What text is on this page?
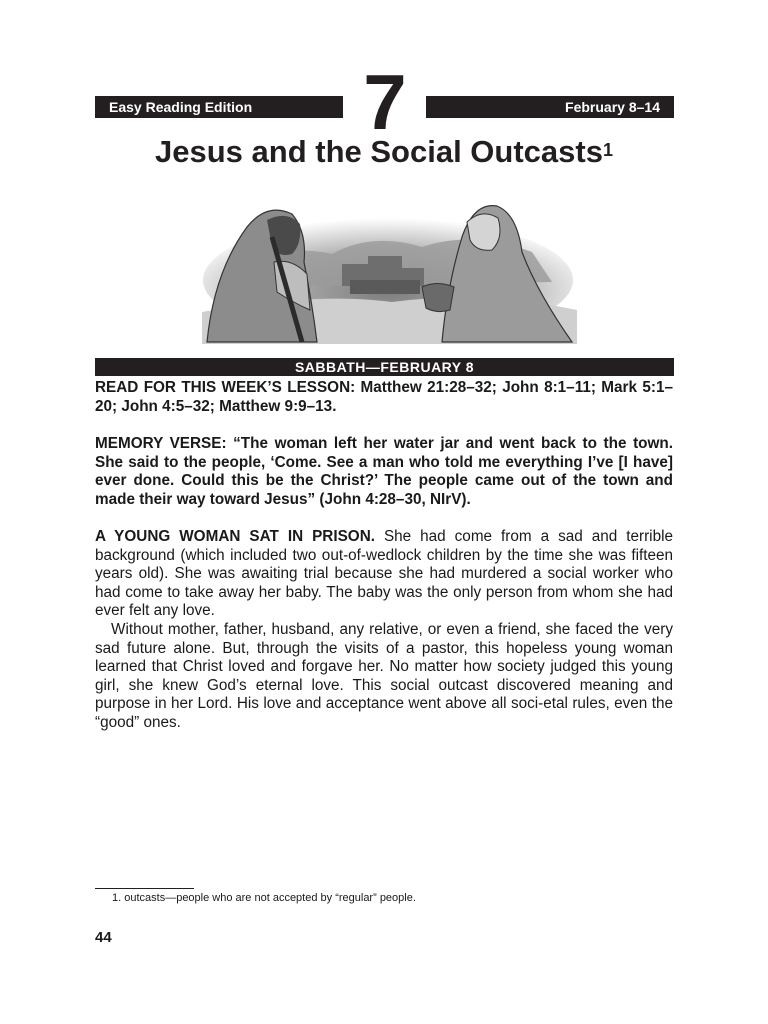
Easy Reading Edition	7	February 8–14
Jesus and the Social Outcasts$^1$
SABBATH—FEBRUARY 8

READ FOR THIS WEEK’S LESSON: Matthew 21:28–32; John 8:1–11; Mark 5:1–20; John 4:5–32; Matthew 9:9–13.

MEMORY VERSE: “The woman left her water jar and went back to the town. She said to the people, ‘Come. See a man who told me everything I’ve [I have] ever done. Could this be the Christ?’ The people came out of the town and made their way toward Jesus” (John 4:28–30, NIrV).

A YOUNG WOMAN SAT IN PRISON. She had come from a sad and terrible background (which included two out-of-wedlock children by the time she was fifteen years old). She was awaiting trial because she had murdered a social worker who had come to take away her baby. The baby was the only person from whom she had ever felt any love.

Without mother, father, husband, any relative, or even a friend, she faced the very sad future alone. But, through the visits of a pastor, this hopeless young woman learned that Christ loved and forgave her. No matter how society judged this young girl, she knew God’s eternal love. This social outcast discovered meaning and purpose in her Lord. His love and acceptance went above all soci-etal rules, even the “good” ones.

1. outcasts—people who are not accepted by “regular” people.
44
